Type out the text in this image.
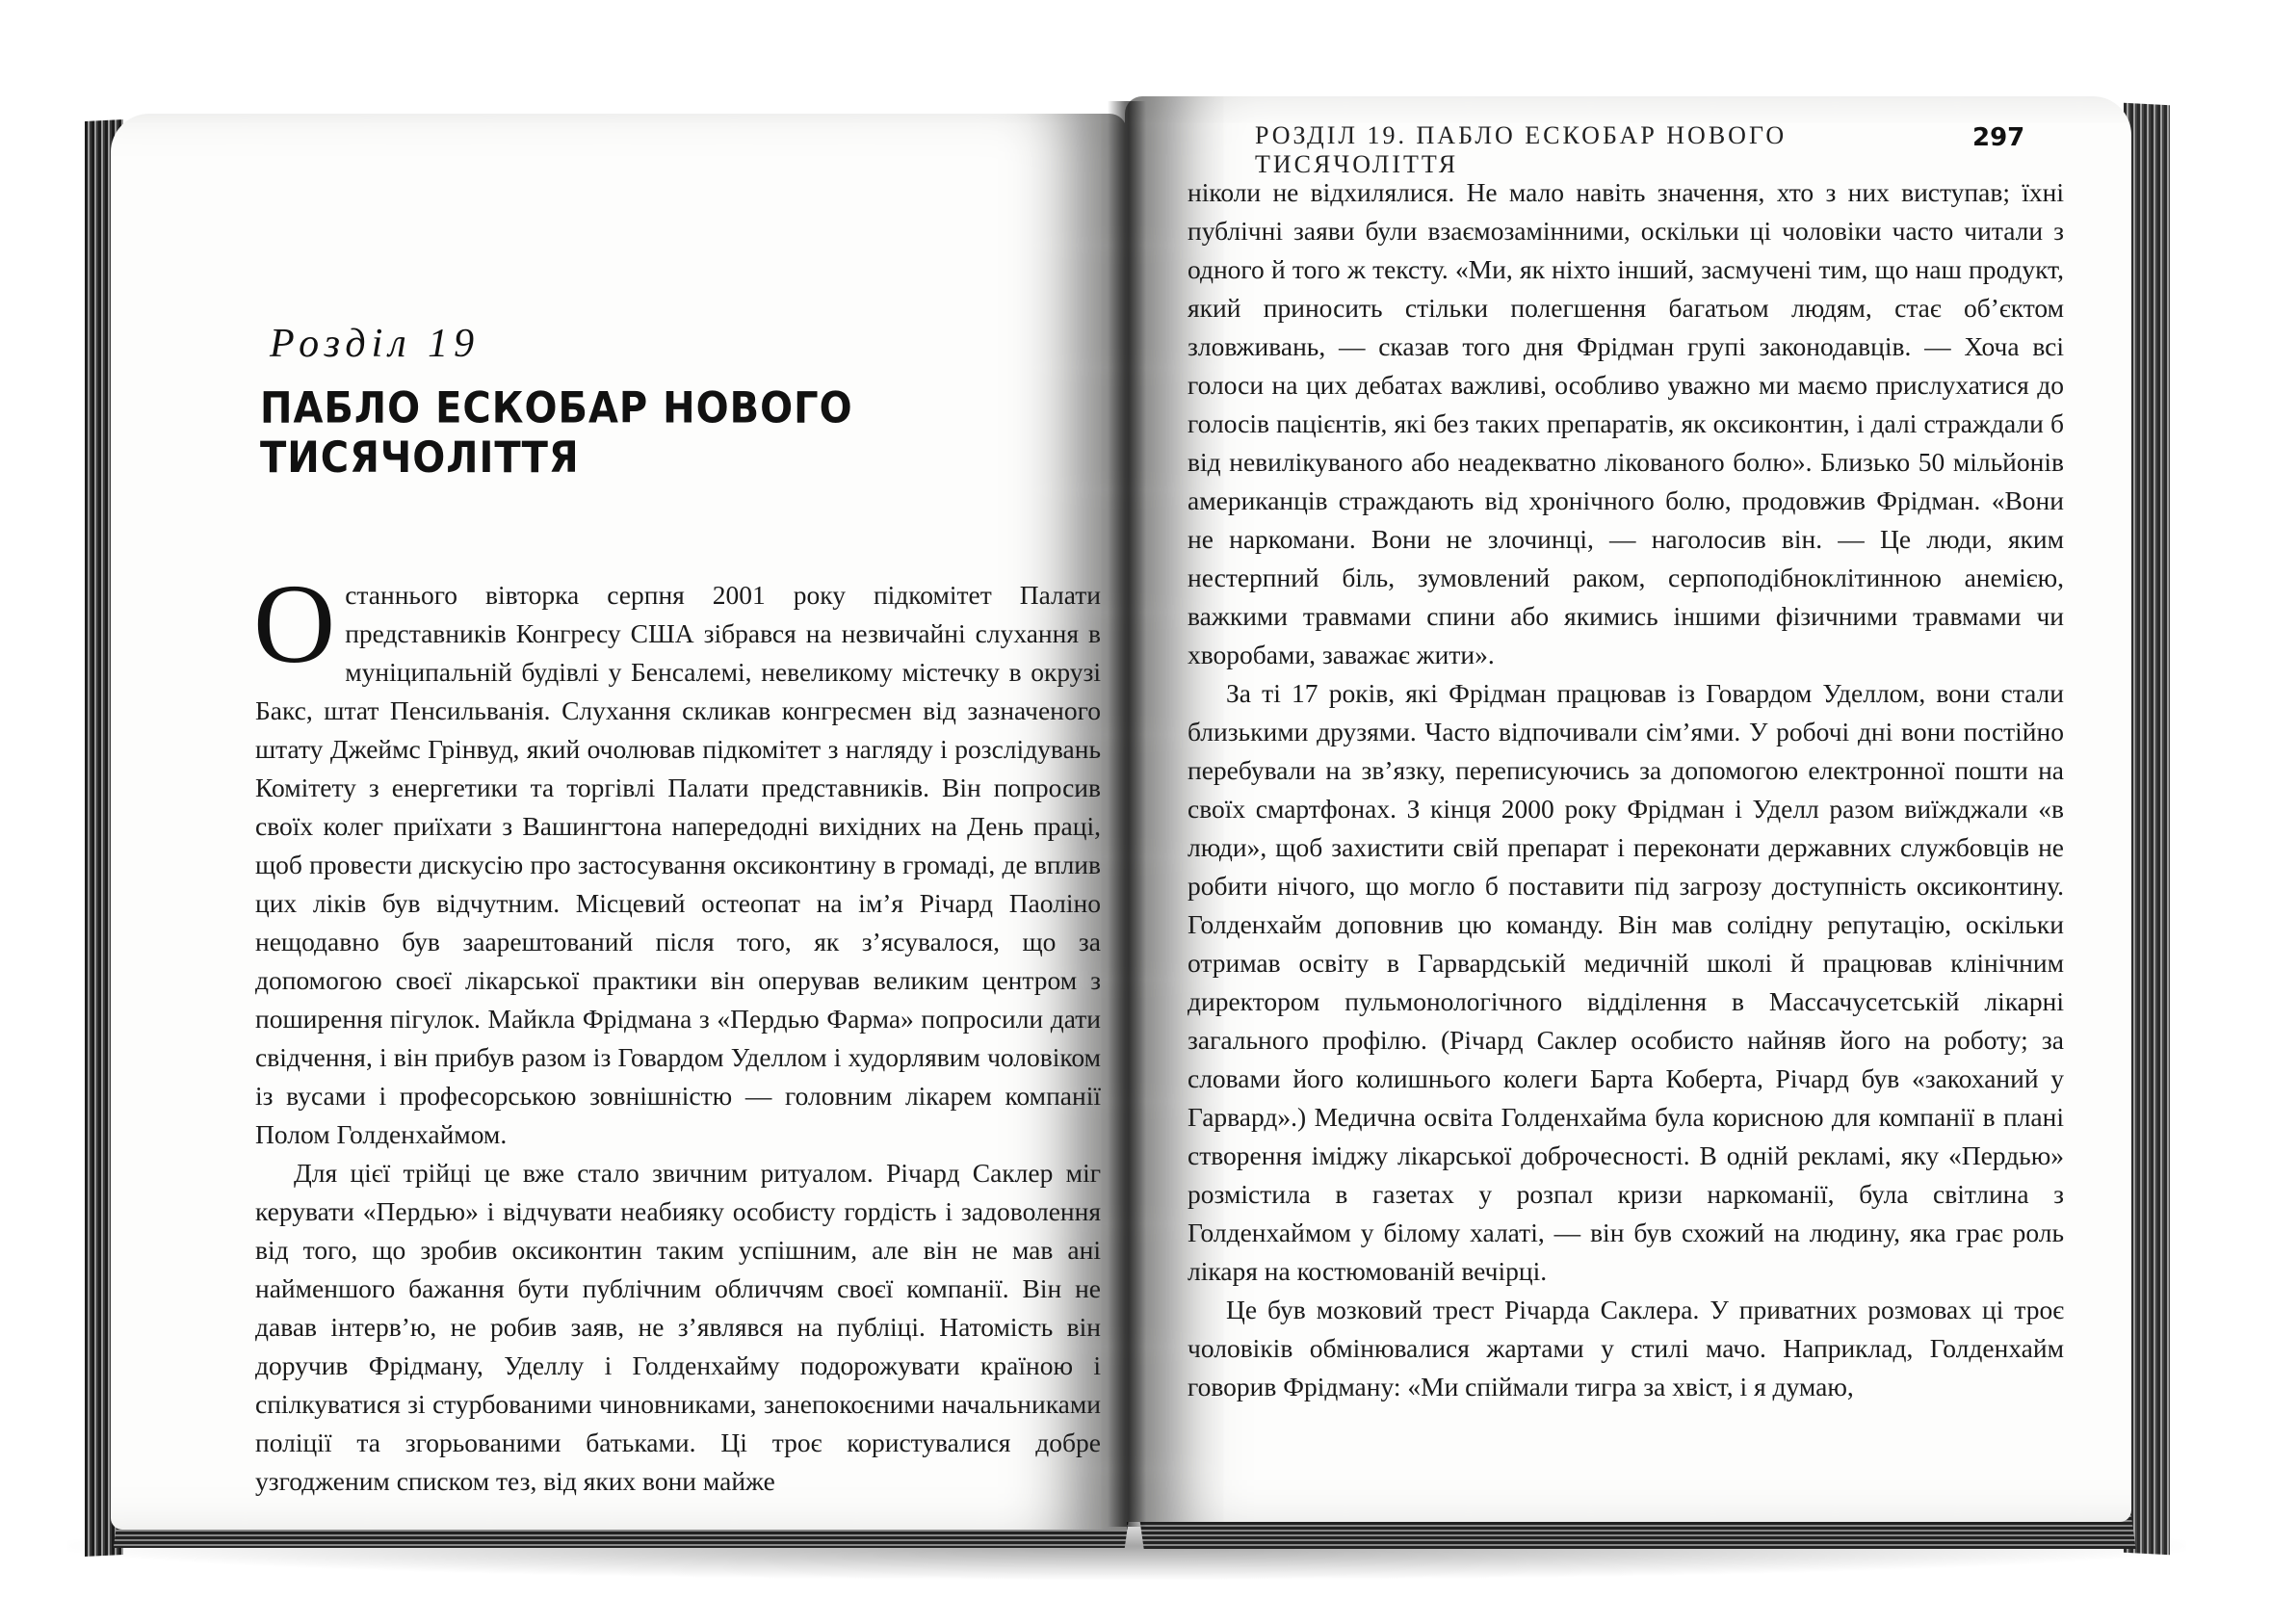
Розділ 19
ПАБЛО ЕСКОБАР НОВОГО ТИСЯЧОЛІТТЯ

Останнього вівторка серпня 2001 року підкомітет Палати представників Конгресу США зібрався на незвичайні слухання в муніципальній будівлі у Бенсалемі, невеликому містечку в окрузі Бакс, штат Пенсильванія. Слухання скликав конгресмен від зазначеного штату Джеймс Грінвуд, який очолював підкомітет з нагляду і розслідувань Комітету з енергетики та торгівлі Палати представників. Він попросив своїх колег приїхати з Вашингтона напередодні вихідних на День праці, щоб провести дискусію про застосування оксиконтину в громаді, де вплив цих ліків був відчутним. Місцевий остеопат на ім’я Річард Паоліно нещодавно був заарештований після того, як з’ясувалося, що за допомогою своєї лікарської практики він оперував великим центром з поширення пігулок. Майкла Фрідмана з «Пердью Фарма» попросили дати свідчення, і він прибув разом із Говардом Уделлом і худорлявим чоловіком із вусами і професорською зовнішністю — головним лікарем компанії Полом Голденхаймом.

Для цієї трійці це вже стало звичним ритуалом. Річард Саклер міг керувати «Пердью» і відчувати неабияку особисту гордість і задоволення від того, що зробив оксиконтин таким успішним, але він не мав ані найменшого бажання бути публічним обличчям своєї компанії. Він не давав інтерв’ю, не робив заяв, не з’являвся на публіці. Натомість він доручив Фрідману, Уделлу і Голденхайму подорожувати країною і спілкуватися зі стурбованими чиновниками, занепокоєними начальниками поліції та згорьованими батьками. Ці троє користувалися добре узгодженим списком тез, від яких вони майже

РОЗДІЛ 19. ПАБЛО ЕСКОБАР НОВОГО ТИСЯЧОЛІТТЯ
297

ніколи не відхилялися. Не мало навіть значення, хто з них виступав; їхні публічні заяви були взаємозамінними, оскільки ці чоловіки часто читали з одного й того ж тексту. «Ми, як ніхто інший, засмучені тим, що наш продукт, який приносить стільки полегшення багатьом людям, стає об’єктом зловживань, — сказав того дня Фрідман групі законодавців. — Хоча всі голоси на цих дебатах важливі, особливо уважно ми маємо прислухатися до голосів пацієнтів, які без таких препаратів, як оксиконтин, і далі страждали б від невилікуваного або неадекватно лікованого болю». Близько 50 мільйонів американців страждають від хронічного болю, продовжив Фрідман. «Вони не наркомани. Вони не злочинці, — наголосив він. — Це люди, яким нестерпний біль, зумовлений раком, серпоподібноклітинною анемією, важкими травмами спини або якимись іншими фізичними травмами чи хворобами, заважає жити».

За ті 17 років, які Фрідман працював із Говардом Уделлом, вони стали близькими друзями. Часто відпочивали сім’ями. У робочі дні вони постійно перебували на зв’язку, переписуючись за допомогою електронної пошти на своїх смартфонах. З кінця 2000 року Фрідман і Уделл разом виїжджали «в люди», щоб захистити свій препарат і переконати державних службовців не робити нічого, що могло б поставити під загрозу доступність оксиконтину. Голденхайм доповнив цю команду. Він мав солідну репутацію, оскільки отримав освіту в Гарвардській медичній школі й працював клінічним директором пульмонологічного відділення в Массачусетській лікарні загального профілю. (Річард Саклер особисто найняв його на роботу; за словами його колишнього колеги Барта Коберта, Річард був «закоханий у Гарвард».) Медична освіта Голденхайма була корисною для компанії в плані створення іміджу лікарської доброчесності. В одній рекламі, яку «Пердью» розмістила в газетах у розпал кризи наркоманії, була світлина з Голденхаймом у білому халаті, — він був схожий на людину, яка грає роль лікаря на костюмованій вечірці.

Це був мозковий трест Річарда Саклера. У приватних розмовах ці троє чоловіків обмінювалися жартами у стилі мачо. Наприклад, Голденхайм говорив Фрідману: «Ми спіймали тигра за хвіст, і я думаю,
